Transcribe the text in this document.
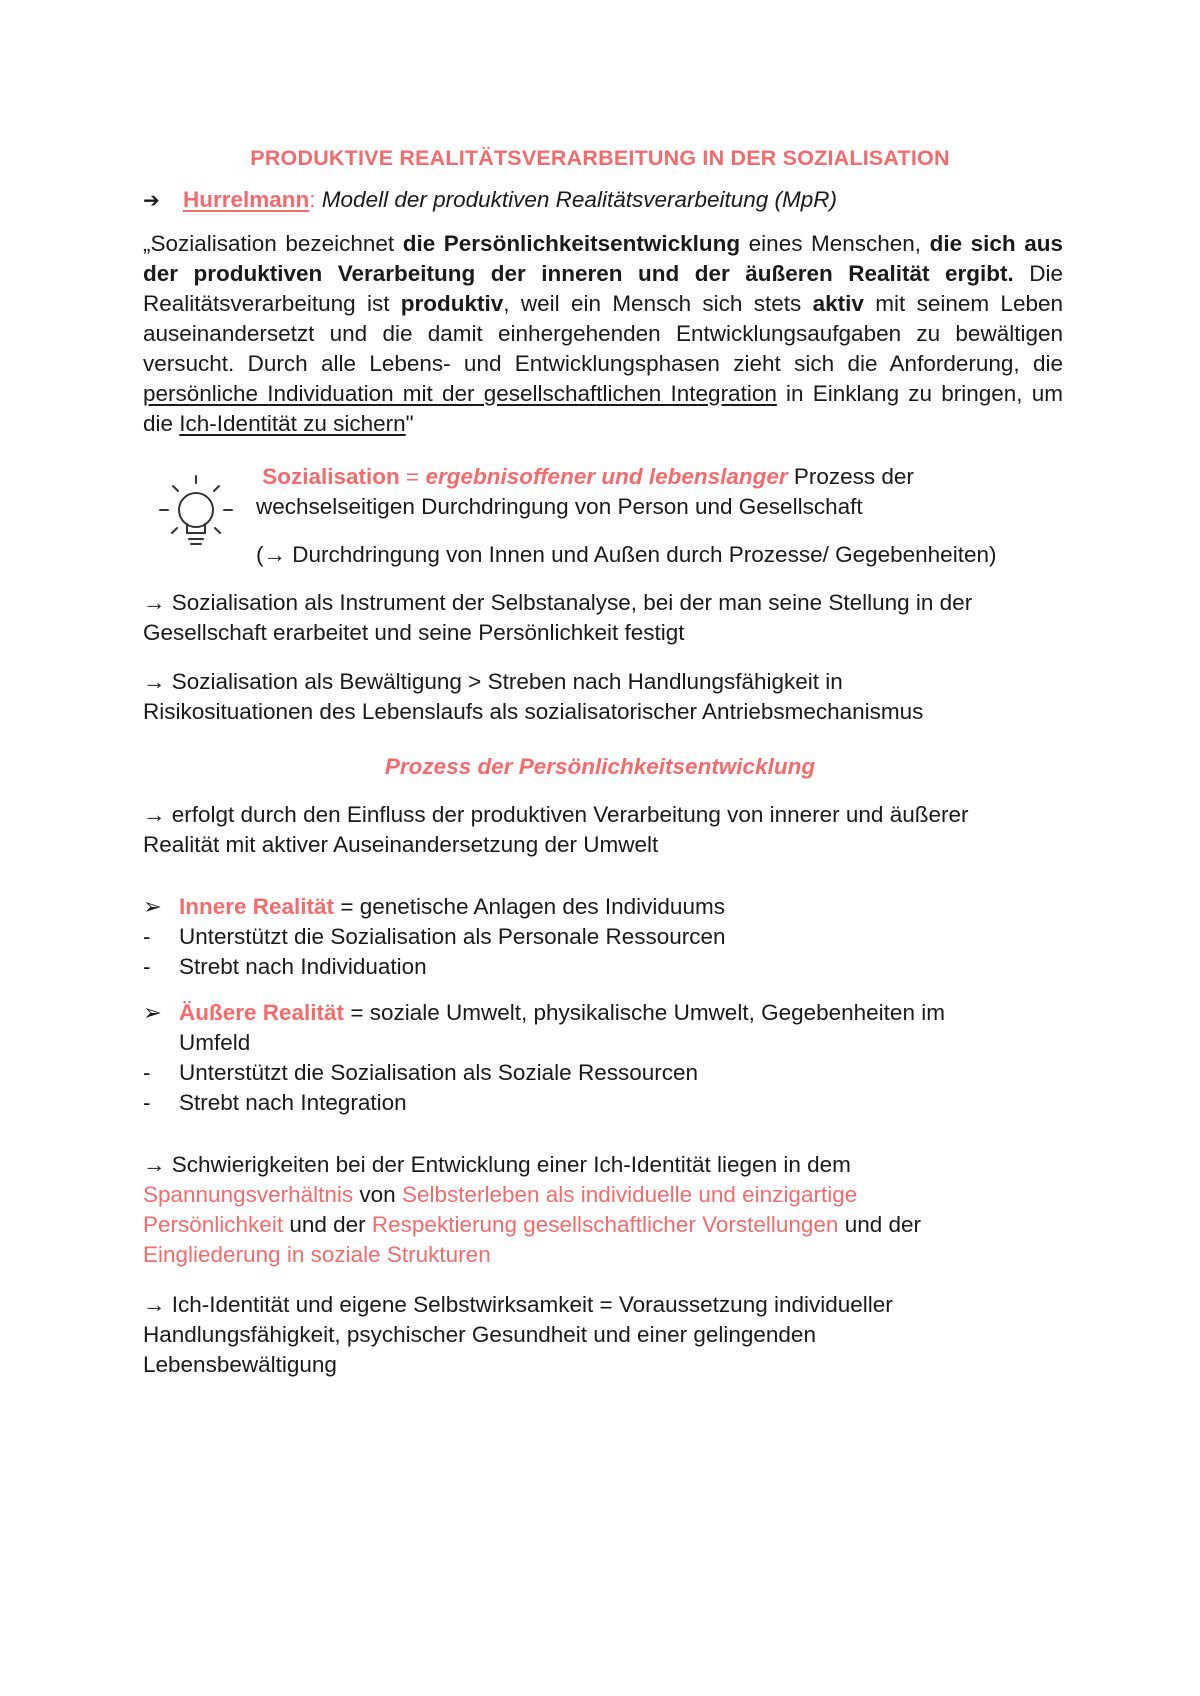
PRODUKTIVE REALITÄTSVERARBEITUNG IN DER SOZIALISATION
➔ Hurrelmann: Modell der produktiven Realitätsverarbeitung (MpR)
„Sozialisation bezeichnet die Persönlichkeitsentwicklung eines Menschen, die sich aus der produktiven Verarbeitung der inneren und der äußeren Realität ergibt. Die Realitätsverarbeitung ist produktiv, weil ein Mensch sich stets aktiv mit seinem Leben auseinandersetzt und die damit einhergehenden Entwicklungsaufgaben zu bewältigen versucht. Durch alle Lebens- und Entwicklungsphasen zieht sich die Anforderung, die persönliche Individuation mit der gesellschaftlichen Integration in Einklang zu bringen, um die Ich-Identität zu sichern"
Sozialisation = ergebnisoffener und lebenslanger Prozess der
wechselseitigen Durchdringung von Person und Gesellschaft
(→ Durchdringung von Innen und Außen durch Prozesse/ Gegebenheiten)
→ Sozialisation als Instrument der Selbstanalyse, bei der man seine Stellung in der
Gesellschaft erarbeitet und seine Persönlichkeit festigt
→ Sozialisation als Bewältigung > Streben nach Handlungsfähigkeit in
Risikosituationen des Lebenslaufs als sozialisatorischer Antriebsmechanismus
Prozess der Persönlichkeitsentwicklung
→ erfolgt durch den Einfluss der produktiven Verarbeitung von innerer und äußerer
Realität mit aktiver Auseinandersetzung der Umwelt
➢ Innere Realität = genetische Anlagen des Individuums
-	Unterstützt die Sozialisation als Personale Ressourcen
-	Strebt nach Individuation
➢ Äußere Realität = soziale Umwelt, physikalische Umwelt, Gegebenheiten im
Umfeld
-	Unterstützt die Sozialisation als Soziale Ressourcen
-	Strebt nach Integration
→ Schwierigkeiten bei der Entwicklung einer Ich-Identität liegen in dem
Spannungsverhältnis von Selbsterleben als individuelle und einzigartige
Persönlichkeit und der Respektierung gesellschaftlicher Vorstellungen und der
Eingliederung in soziale Strukturen
→ Ich-Identität und eigene Selbstwirksamkeit = Voraussetzung individueller
Handlungsfähigkeit, psychischer Gesundheit und einer gelingenden
Lebensbewältigung
